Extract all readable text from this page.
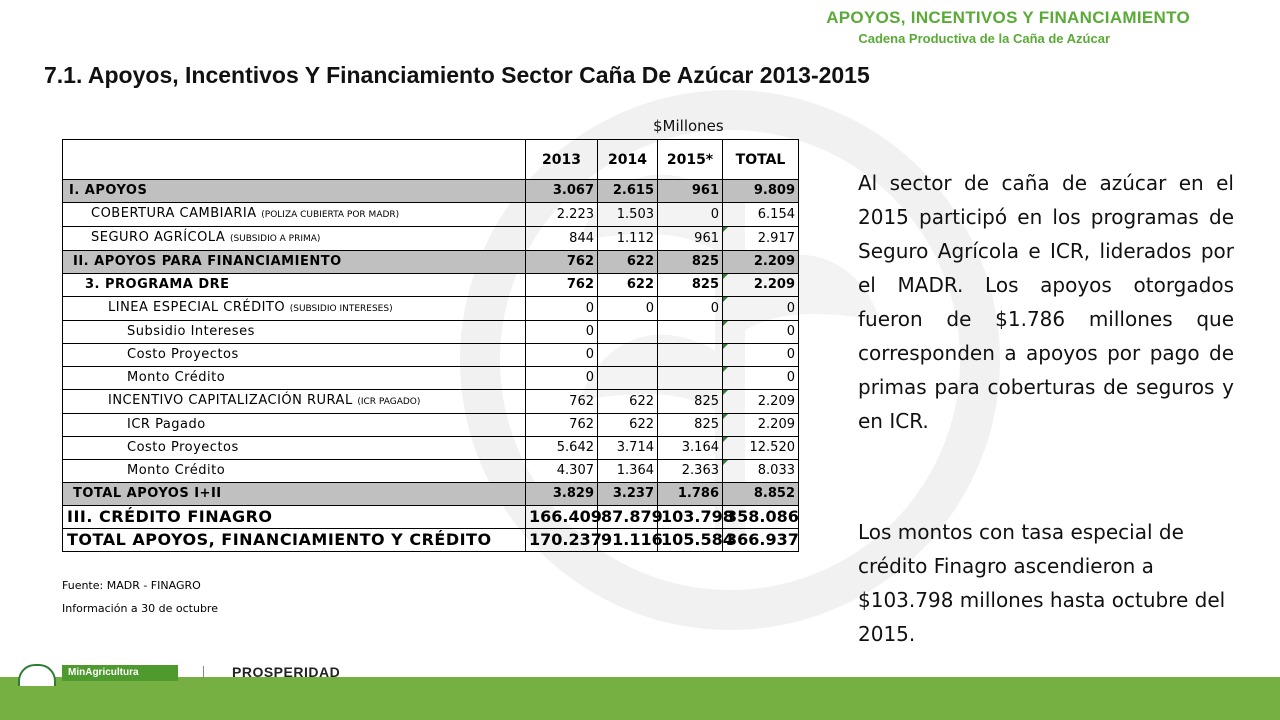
APOYOS, INCENTIVOS Y FINANCIAMIENTO
Cadena Productiva de la Caña de Azúcar
7.1. Apoyos, Incentivos Y Financiamiento Sector Caña De Azúcar 2013-2015
$Millones
	2013	2014	2015*	TOTAL
I. APOYOS	3.067	2.615	961	9.809
COBERTURA CAMBIARIA (POLIZA CUBIERTA POR MADR)	2.223	1.503	0	6.154
SEGURO AGRÍCOLA (SUBSIDIO A PRIMA)	844	1.112	961	2.917
II. APOYOS PARA FINANCIAMIENTO	762	622	825	2.209
3. PROGRAMA DRE	762	622	825	2.209
LINEA ESPECIAL CRÉDITO (SUBSIDIO INTERESES)	0	0	0	0
Subsidio Intereses	0			0
Costo Proyectos	0			0
Monto Crédito	0			0
INCENTIVO CAPITALIZACIÓN RURAL (ICR PAGADO)	762	622	825	2.209
ICR Pagado	762	622	825	2.209
Costo Proyectos	5.642	3.714	3.164	12.520
Monto Crédito	4.307	1.364	2.363	8.033
TOTAL APOYOS I+II	3.829	3.237	1.786	8.852
III. CRÉDITO FINAGRO	166.409	87.879	103.798	358.086
TOTAL APOYOS, FINANCIAMIENTO Y CRÉDITO	170.237	91.116	105.584	366.937
Fuente: MADR - FINAGRO
Información a 30 de octubre

Al sector de caña de azúcar en el 2015 participó en los programas de Seguro Agrícola e ICR, liderados por el MADR. Los apoyos otorgados fueron de $1.786 millones que corresponden a apoyos por pago de primas para coberturas de seguros y en ICR.

Los montos con tasa especial de crédito Finagro ascendieron a $103.798 millones hasta octubre del 2015.

MinAgricultura	PROSPERIDAD
